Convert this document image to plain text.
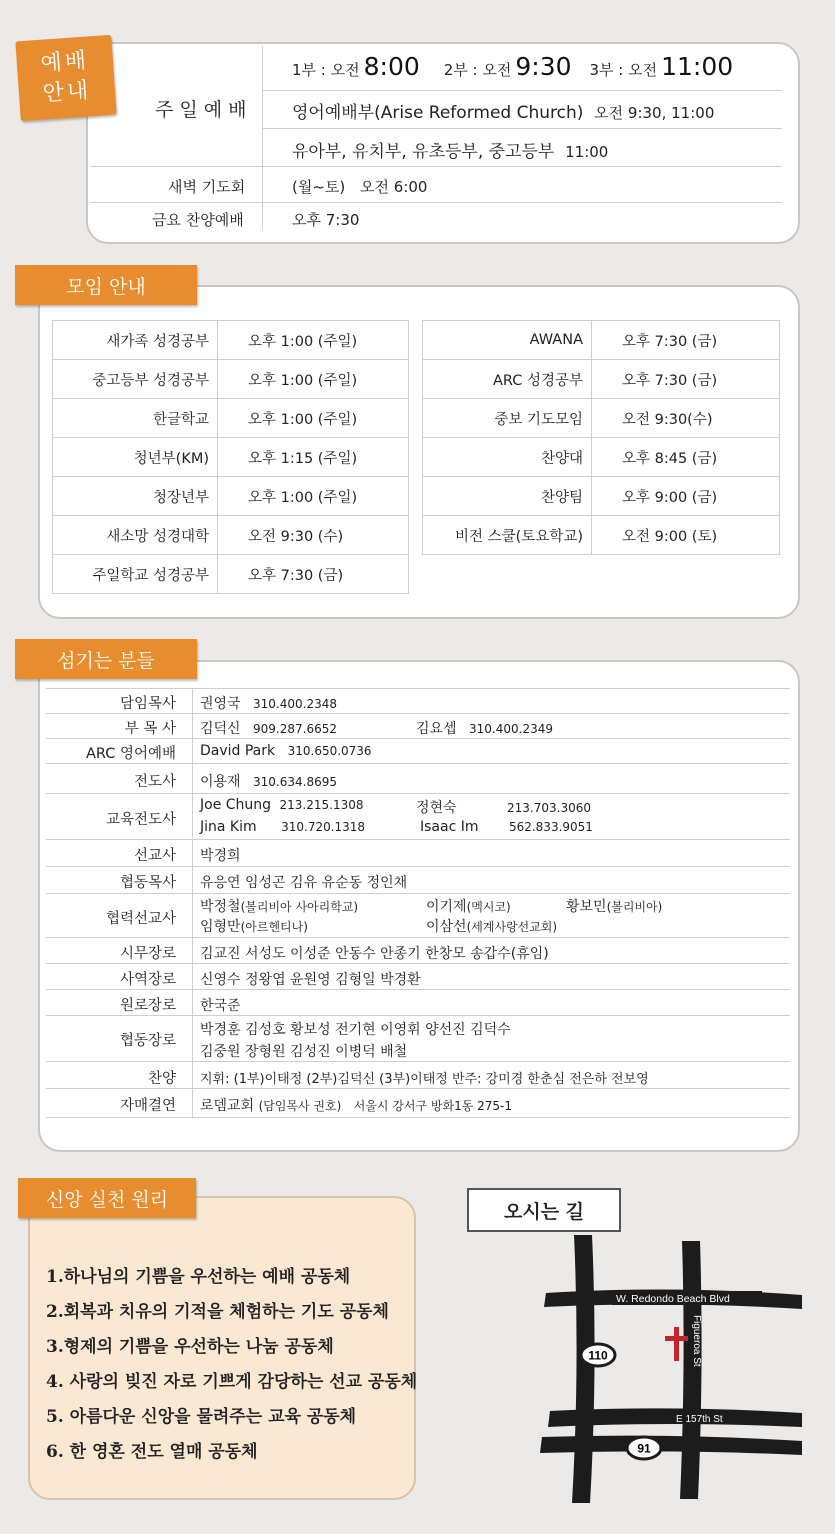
예배
안내
주 일 예 배
1부 : 오전 8:00 2부 : 오전 9:30 3부 : 오전 11:00
영어예배부(Arise Reformed Church) 오전 9:30, 11:00
유아부, 유치부, 유초등부, 중고등부 11:00
새벽 기도회	(월~토) 오전 6:00
금요 찬양예배	오후 7:30
모임 안내
새가족 성경공부	오후 1:00 (주일)
중고등부 성경공부	오후 1:00 (주일)
한글학교	오후 1:00 (주일)
청년부(KM)	오후 1:15 (주일)
청장년부	오후 1:00 (주일)
새소망 성경대학	오전 9:30 (수)
주일학교 성경공부	오후 7:30 (금)
AWANA	오후 7:30 (금)
ARC 성경공부	오후 7:30 (금)
중보 기도모임	오전 9:30(수)
찬양대	오후 8:45 (금)
찬양팀	오후 9:00 (금)
비전 스쿨(토요학교)	오전 9:00 (토)
섬기는 분들
담임목사 권영국 310.400.2348
부 목 사 김덕신 909.287.6652	김요셉 310.400.2349
ARC 영어예배 David Park 310.650.0736
전도사 이용재 310.634.8695
교육전도사
Joe Chung 213.215.1308	정현숙	213.703.3060
Jina Kim 310.720.1318	Isaac Im	562.833.9051
선교사 박경희
협동목사 유응연 임성곤 김유 유순동 정인채
협력선교사
박정철(볼리비아 사아리학교)	이기제(멕시코)	황보민(볼리비아)
임형만(아르헨티나)	이삼선(세계사랑선교회)
시무장로 김교진 서성도 이성준 안동수 안종기 한창모 송갑수(휴임)
사역장로 신영수 정왕엽 윤원영 김형일 박경환
원로장로 한국준
협동장로
박경훈 김성호 황보성 전기현 이영휘 양선진 김덕수
김중원 장형원 김성진 이병덕 배철
찬양 지휘: (1부)이태정 (2부)김덕신 (3부)이태정 반주: 강미경 한춘심 전은하 전보영
자매결연 로뎀교회 (담임목사 권호) 서울시 강서구 방화1동 275-1
신앙 실천 원리
1.하나님의 기쁨을 우선하는 예배 공동체
2.회복과 치유의 기적을 체험하는 기도 공동체
3.형제의 기쁨을 우선하는 나눔 공동체
4. 사랑의 빚진 자로 기쁘게 감당하는 선교 공동체
5. 아름다운 신앙을 물려주는 교육 공동체
6. 한 영혼 전도 열매 공동체
오시는 길
W. Redondo Beach Blvd
E 157th St
Figueroa St
110
91
